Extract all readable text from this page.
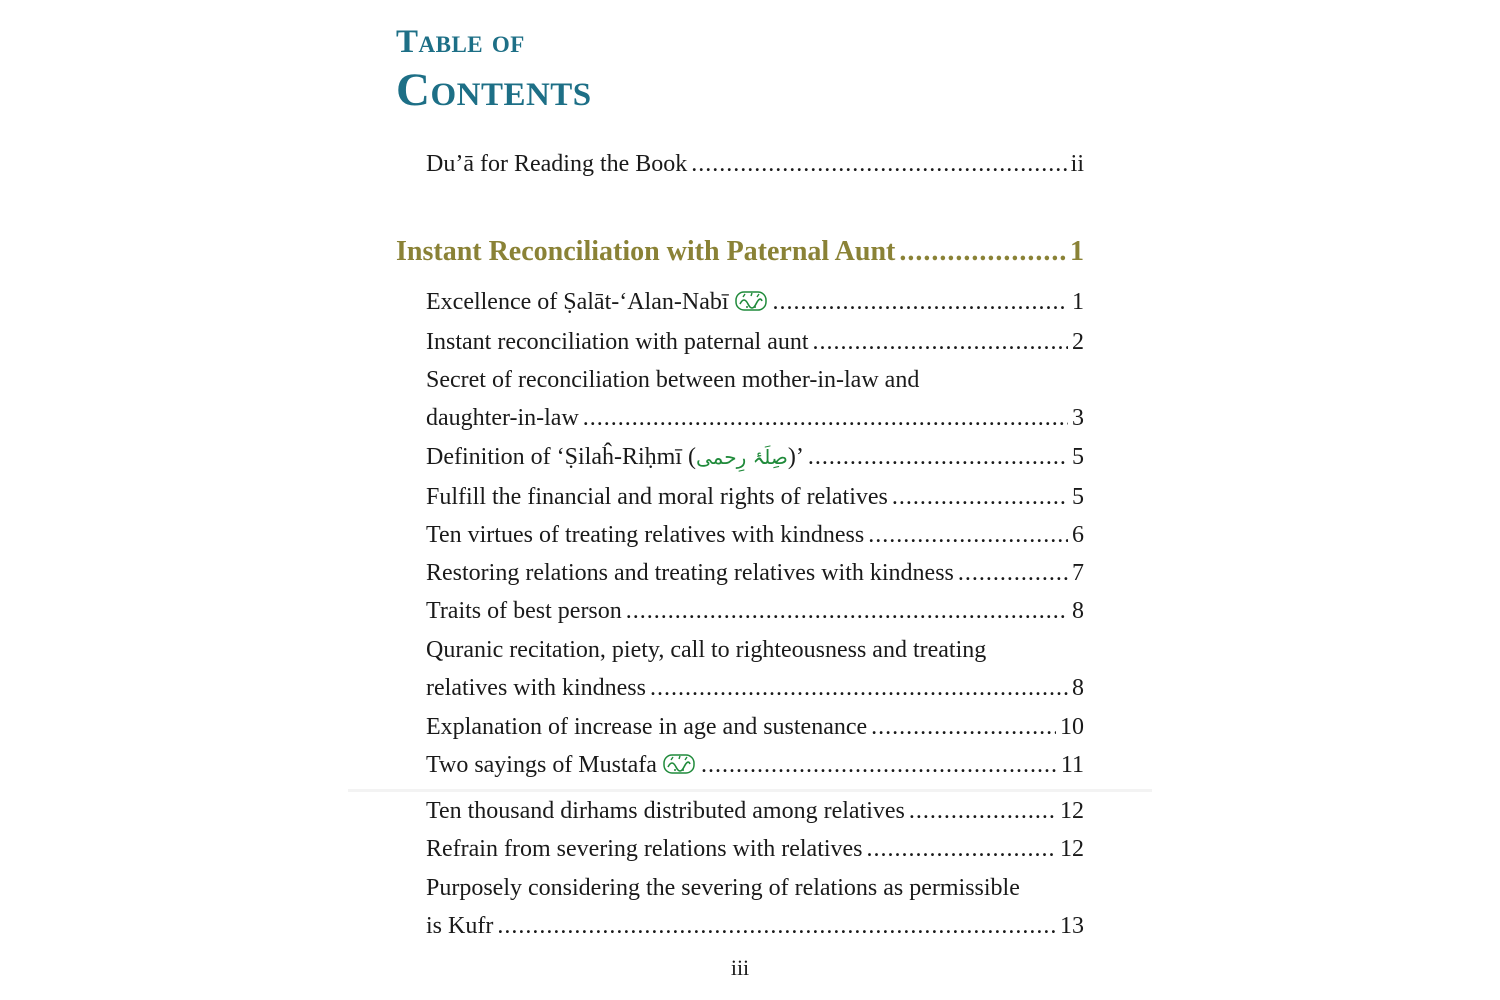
Table of
Contents
Du’ā for Reading the Book .....	ii
Instant Reconciliation with Paternal Aunt .....	1
Excellence of Ṣalāt-‘Alan-Nabī .....	1
Instant reconciliation with paternal aunt .....	2
Secret of reconciliation between mother-in-law and
daughter-in-law .....	3
Definition of ‘Ṣilaĥ-Riḥmī (صِلَۂ رِحمی)’ .....	5
Fulfill the financial and moral rights of relatives .....	5
Ten virtues of treating relatives with kindness .....	6
Restoring relations and treating relatives with kindness .....	7
Traits of best person .....	8
Quranic recitation, piety, call to righteousness and treating
relatives with kindness .....	8
Explanation of increase in age and sustenance .....	10
Two sayings of Mustafa .....	11
Ten thousand dirhams distributed among relatives .....	12
Refrain from severing relations with relatives .....	12
Purposely considering the severing of relations as permissible
is Kufr .....	13
iii
